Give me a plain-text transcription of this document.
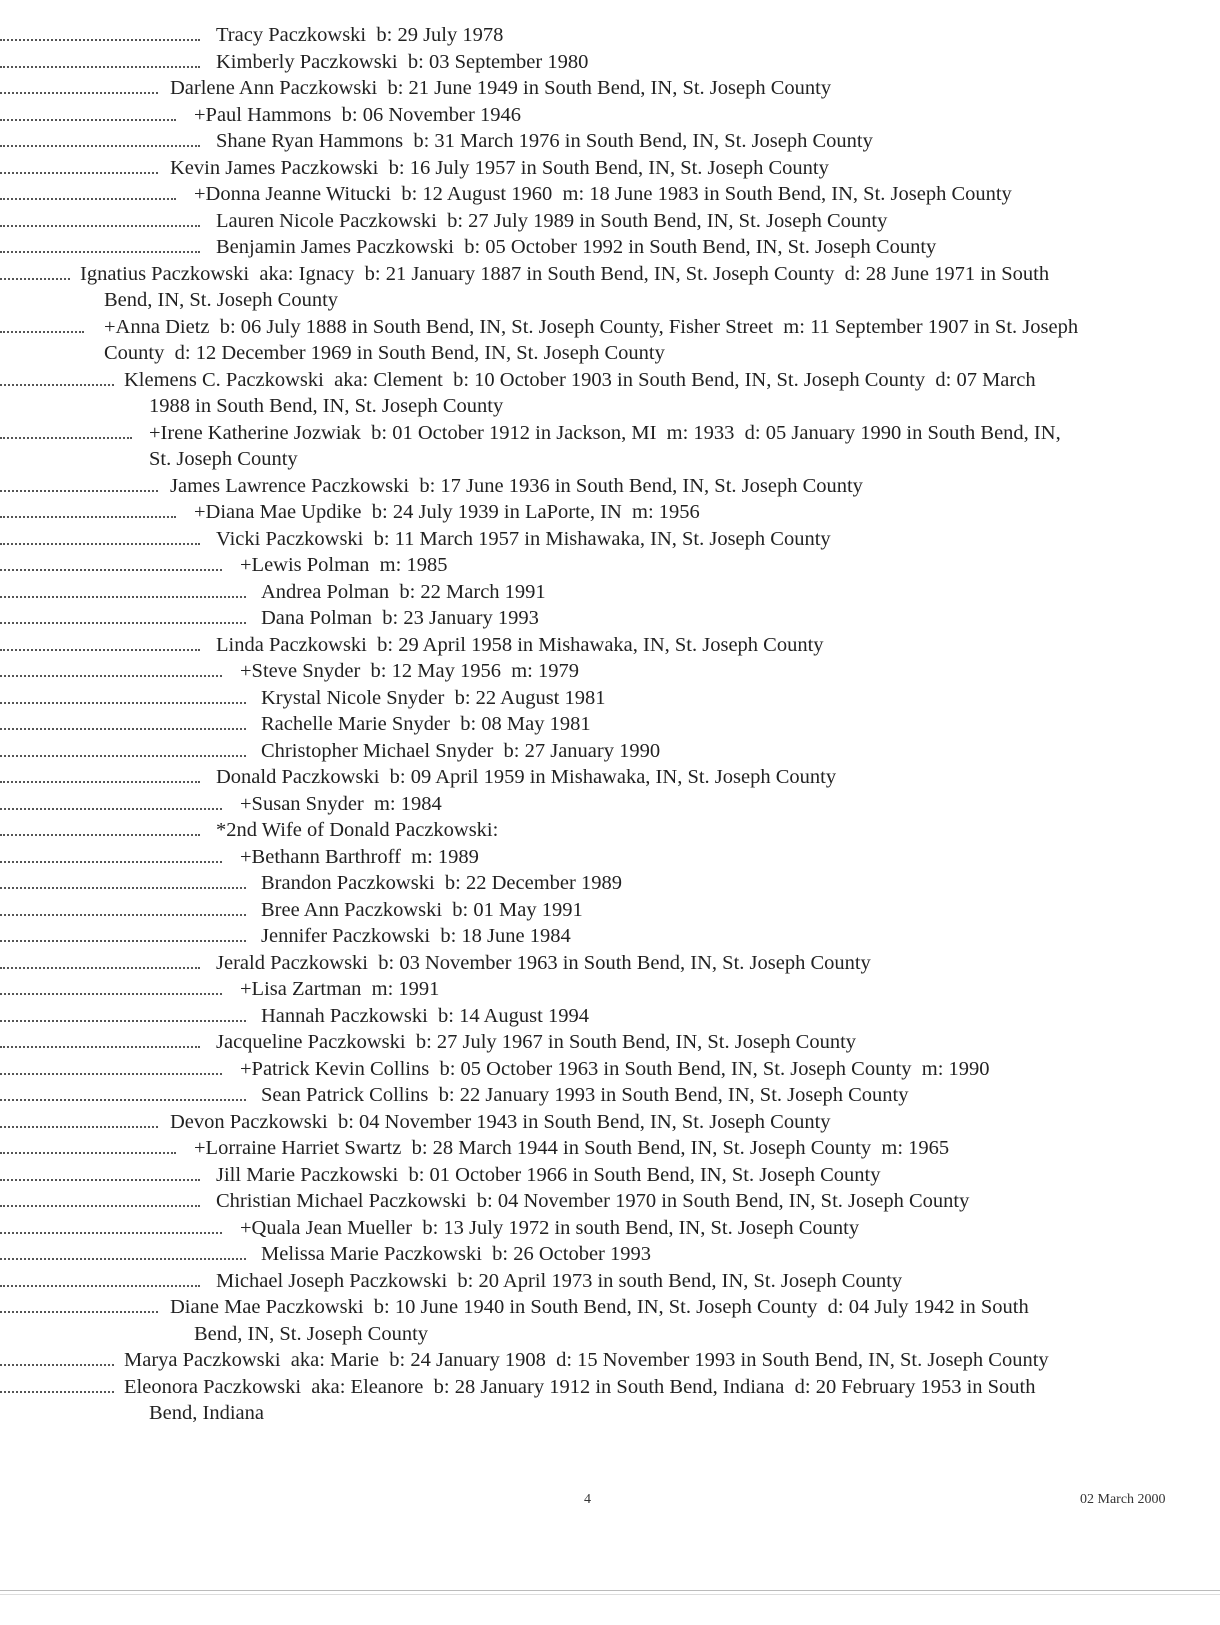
Tracy Paczkowski  b: 29 July 1978
Kimberly Paczkowski  b: 03 September 1980
Darlene Ann Paczkowski  b: 21 June 1949 in South Bend, IN, St. Joseph County
+Paul Hammons  b: 06 November 1946
Shane Ryan Hammons  b: 31 March 1976 in South Bend, IN, St. Joseph County
Kevin James Paczkowski  b: 16 July 1957 in South Bend, IN, St. Joseph County
+Donna Jeanne Witucki  b: 12 August 1960  m: 18 June 1983 in South Bend, IN, St. Joseph County
Lauren Nicole Paczkowski  b: 27 July 1989 in South Bend, IN, St. Joseph County
Benjamin James Paczkowski  b: 05 October 1992 in South Bend, IN, St. Joseph County
Ignatius Paczkowski  aka: Ignacy  b: 21 January 1887 in South Bend, IN, St. Joseph County  d: 28 June 1971 in South
Bend, IN, St. Joseph County
+Anna Dietz  b: 06 July 1888 in South Bend, IN, St. Joseph County, Fisher Street  m: 11 September 1907 in St. Joseph
County  d: 12 December 1969 in South Bend, IN, St. Joseph County
Klemens C. Paczkowski  aka: Clement  b: 10 October 1903 in South Bend, IN, St. Joseph County  d: 07 March
1988 in South Bend, IN, St. Joseph County
+Irene Katherine Jozwiak  b: 01 October 1912 in Jackson, MI  m: 1933  d: 05 January 1990 in South Bend, IN,
St. Joseph County
James Lawrence Paczkowski  b: 17 June 1936 in South Bend, IN, St. Joseph County
+Diana Mae Updike  b: 24 July 1939 in LaPorte, IN  m: 1956
Vicki Paczkowski  b: 11 March 1957 in Mishawaka, IN, St. Joseph County
+Lewis Polman  m: 1985
Andrea Polman  b: 22 March 1991
Dana Polman  b: 23 January 1993
Linda Paczkowski  b: 29 April 1958 in Mishawaka, IN, St. Joseph County
+Steve Snyder  b: 12 May 1956  m: 1979
Krystal Nicole Snyder  b: 22 August 1981
Rachelle Marie Snyder  b: 08 May 1981
Christopher Michael Snyder  b: 27 January 1990
Donald Paczkowski  b: 09 April 1959 in Mishawaka, IN, St. Joseph County
+Susan Snyder  m: 1984
*2nd Wife of Donald Paczkowski:
+Bethann Barthroff  m: 1989
Brandon Paczkowski  b: 22 December 1989
Bree Ann Paczkowski  b: 01 May 1991
Jennifer Paczkowski  b: 18 June 1984
Jerald Paczkowski  b: 03 November 1963 in South Bend, IN, St. Joseph County
+Lisa Zartman  m: 1991
Hannah Paczkowski  b: 14 August 1994
Jacqueline Paczkowski  b: 27 July 1967 in South Bend, IN, St. Joseph County
+Patrick Kevin Collins  b: 05 October 1963 in South Bend, IN, St. Joseph County  m: 1990
Sean Patrick Collins  b: 22 January 1993 in South Bend, IN, St. Joseph County
Devon Paczkowski  b: 04 November 1943 in South Bend, IN, St. Joseph County
+Lorraine Harriet Swartz  b: 28 March 1944 in South Bend, IN, St. Joseph County  m: 1965
Jill Marie Paczkowski  b: 01 October 1966 in South Bend, IN, St. Joseph County
Christian Michael Paczkowski  b: 04 November 1970 in South Bend, IN, St. Joseph County
+Quala Jean Mueller  b: 13 July 1972 in south Bend, IN, St. Joseph County
Melissa Marie Paczkowski  b: 26 October 1993
Michael Joseph Paczkowski  b: 20 April 1973 in south Bend, IN, St. Joseph County
Diane Mae Paczkowski  b: 10 June 1940 in South Bend, IN, St. Joseph County  d: 04 July 1942 in South
Bend, IN, St. Joseph County
Marya Paczkowski  aka: Marie  b: 24 January 1908  d: 15 November 1993 in South Bend, IN, St. Joseph County
Eleonora Paczkowski  aka: Eleanore  b: 28 January 1912 in South Bend, Indiana  d: 20 February 1953 in South
Bend, Indiana
4	02 March 2000
